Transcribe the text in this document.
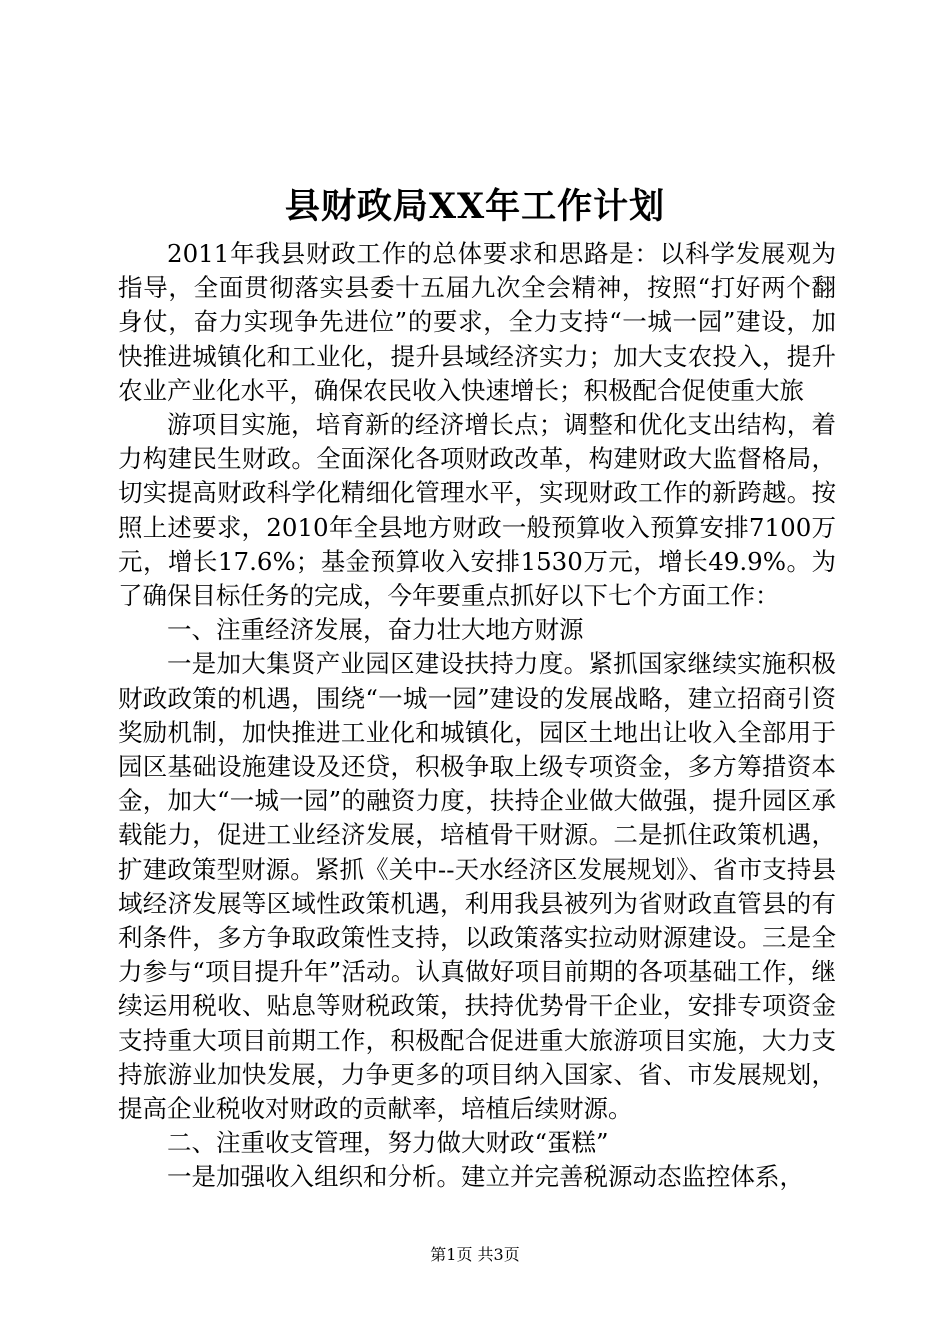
县财政局XX年工作计划

2011年我县财政工作的总体要求和思路是：以科学发展观为指导，全面贯彻落实县委十五届九次全会精神，按照“打好两个翻身仗，奋力实现争先进位”的要求，全力支持“一城一园”建设，加快推进城镇化和工业化，提升县域经济实力；加大支农投入，提升农业产业化水平，确保农民收入快速增长；积极配合促使重大旅

游项目实施，培育新的经济增长点；调整和优化支出结构，着力构建民生财政。全面深化各项财政改革，构建财政大监督格局，切实提高财政科学化精细化管理水平，实现财政工作的新跨越。按照上述要求，2010年全县地方财政一般预算收入预算安排7100万元，增长17.6%；基金预算收入安排1530万元，增长49.9%。为了确保目标任务的完成，今年要重点抓好以下七个方面工作：

一、注重经济发展，奋力壮大地方财源

一是加大集贤产业园区建设扶持力度。紧抓国家继续实施积极财政政策的机遇，围绕“一城一园”建设的发展战略，建立招商引资奖励机制，加快推进工业化和城镇化，园区土地出让收入全部用于园区基础设施建设及还贷，积极争取上级专项资金，多方筹措资本金，加大“一城一园”的融资力度，扶持企业做大做强，提升园区承载能力，促进工业经济发展，培植骨干财源。二是抓住政策机遇，扩建政策型财源。紧抓《关中--天水经济区发展规划》、省市支持县域经济发展等区域性政策机遇，利用我县被列为省财政直管县的有利条件，多方争取政策性支持，以政策落实拉动财源建设。三是全力参与“项目提升年”活动。认真做好项目前期的各项基础工作，继续运用税收、贴息等财税政策，扶持优势骨干企业，安排专项资金支持重大项目前期工作，积极配合促进重大旅游项目实施，大力支持旅游业加快发展，力争更多的项目纳入国家、省、市发展规划，提高企业税收对财政的贡献率，培植后续财源。

二、注重收支管理，努力做大财政“蛋糕”

一是加强收入组织和分析。建立并完善税源动态监控体系，

第1页 共3页
